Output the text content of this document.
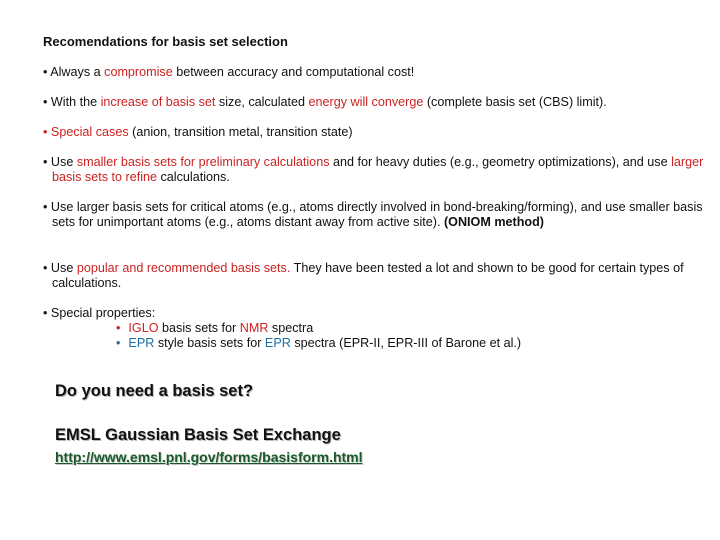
Recomendations for basis set selection
• Always a compromise between accuracy and computational cost!
• With the increase of basis set size, calculated energy will converge (complete basis set (CBS) limit).
• Special cases (anion, transition metal, transition state)
• Use smaller basis sets for preliminary calculations and for heavy duties (e.g., geometry optimizations), and use larger basis sets to refine calculations.
• Use larger basis sets for critical atoms (e.g., atoms directly involved in bond-breaking/forming), and use smaller basis sets for unimportant atoms (e.g., atoms distant away from active site). (ONIOM method)
• Use popular and recommended basis sets. They have been tested a lot and shown to be good for certain types of calculations.
• Special properties:
• IGLO basis sets for NMR spectra
• EPR style basis sets for EPR spectra (EPR-II, EPR-III of Barone et al.)
Do you need a basis set?
EMSL Gaussian Basis Set Exchange
http://www.emsl.pnl.gov/forms/basisform.html
